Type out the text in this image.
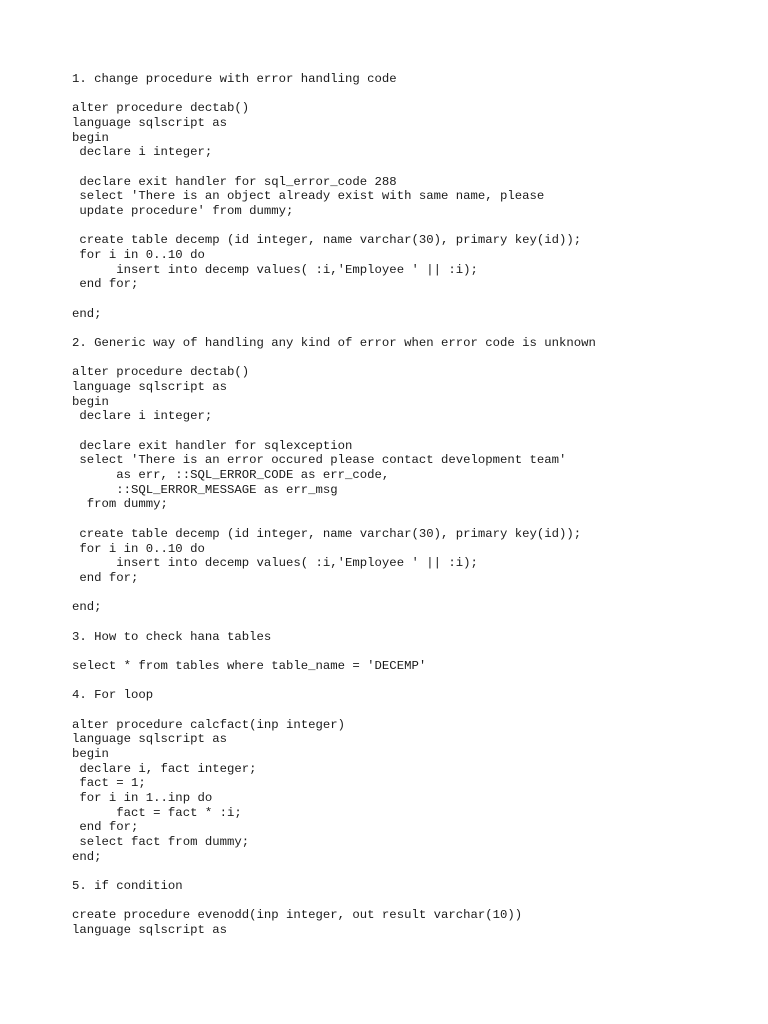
1. change procedure with error handling code
alter procedure dectab()
language sqlscript as
begin
declare i integer;
declare exit handler for sql_error_code 288
select 'There is an object already exist with same name, please
update procedure' from dummy;
create table decemp (id integer, name varchar(30), primary key(id));
for i in 0..10 do
insert into decemp values( :i,'Employee ' || :i);
end for;
end;
2. Generic way of handling any kind of error when error code is unknown
alter procedure dectab()
language sqlscript as
begin
declare i integer;
declare exit handler for sqlexception
select 'There is an error occured please contact development team'
as err, ::SQL_ERROR_CODE as err_code,
::SQL_ERROR_MESSAGE as err_msg
from dummy;
create table decemp (id integer, name varchar(30), primary key(id));
for i in 0..10 do
insert into decemp values( :i,'Employee ' || :i);
end for;
end;
3. How to check hana tables
select * from tables where table_name = 'DECEMP'
4. For loop
alter procedure calcfact(inp integer)
language sqlscript as
begin
declare i, fact integer;
fact = 1;
for i in 1..inp do
fact = fact * :i;
end for;
select fact from dummy;
end;
5. if condition
create procedure evenodd(inp integer, out result varchar(10))
language sqlscript as
